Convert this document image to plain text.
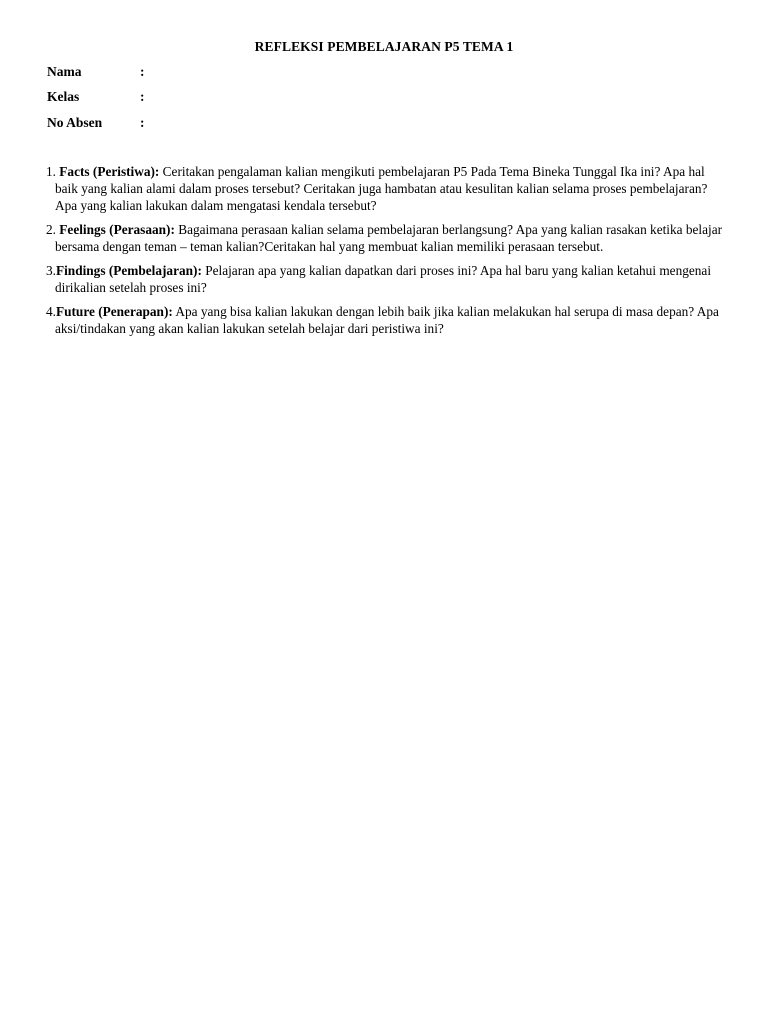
REFLEKSI PEMBELAJARAN P5 TEMA 1
Nama	:
Kelas	:
No Absen	:
1. Facts (Peristiwa): Ceritakan pengalaman kalian mengikuti pembelajaran P5 Pada Tema Bineka Tunggal Ika ini? Apa hal baik yang kalian alami dalam proses tersebut? Ceritakan juga hambatan atau kesulitan kalian selama proses pembelajaran? Apa yang kalian lakukan dalam mengatasi kendala tersebut?
2. Feelings (Perasaan): Bagaimana perasaan kalian selama pembelajaran berlangsung? Apa yang kalian rasakan ketika belajar bersama dengan teman – teman kalian?Ceritakan hal yang membuat kalian memiliki perasaan tersebut.
3.Findings (Pembelajaran): Pelajaran apa yang kalian dapatkan dari proses ini? Apa hal baru yang kalian ketahui mengenai dirikalian setelah proses ini?
4.Future (Penerapan): Apa yang bisa kalian lakukan dengan lebih baik jika kalian melakukan hal serupa di masa depan? Apa aksi/tindakan yang akan kalian lakukan setelah belajar dari peristiwa ini?
